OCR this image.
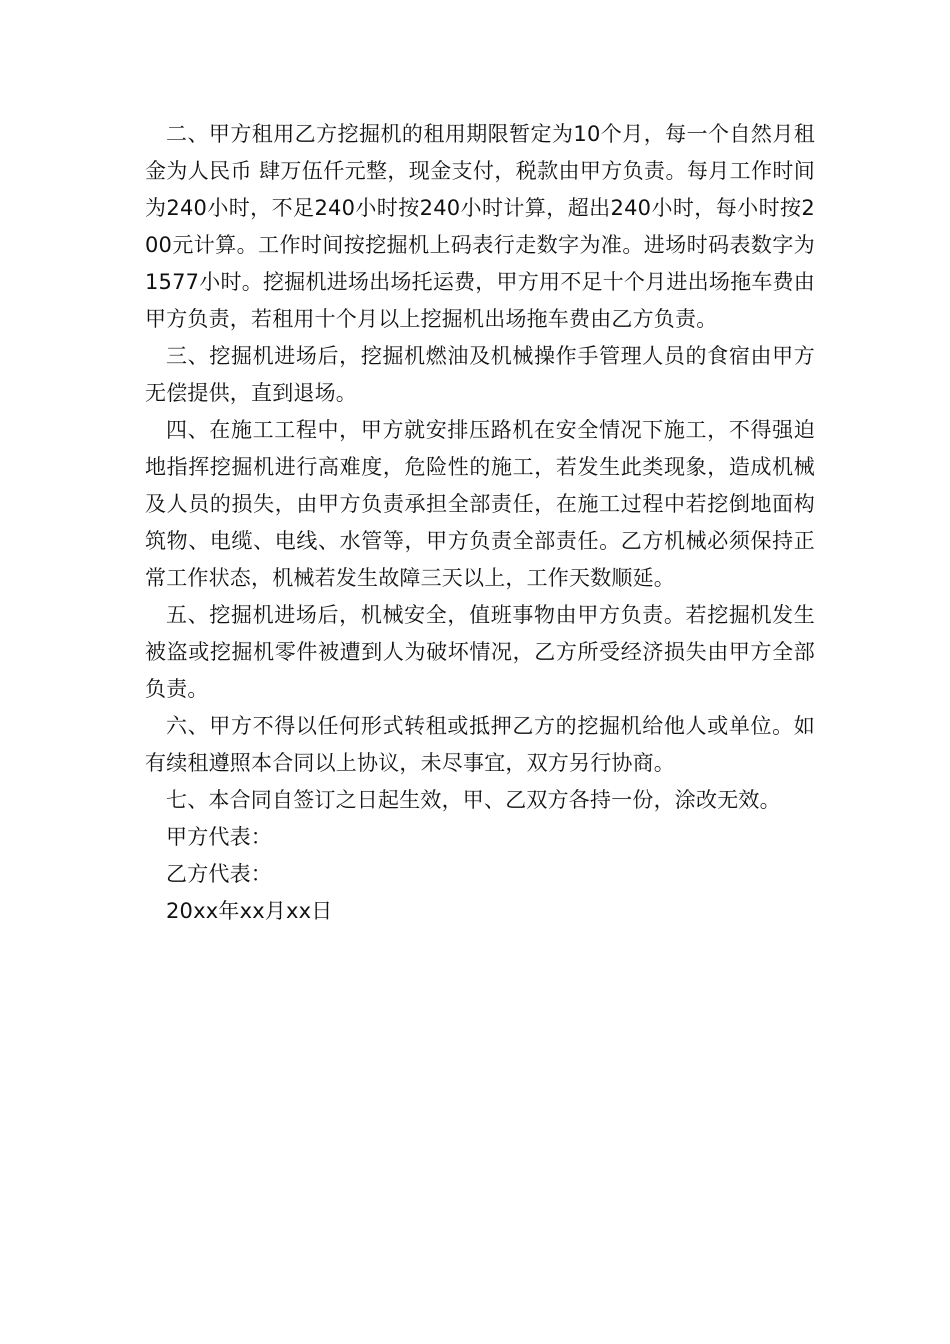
二、甲方租用乙方挖掘机的租用期限暂定为10个月，每一个自然月租金为人民币 肆万伍仟元整，现金支付，税款由甲方负责。每月工作时间为240小时，不足240小时按240小时计算，超出240小时，每小时按200元计算。工作时间按挖掘机上码表行走数字为准。进场时码表数字为1577小时。挖掘机进场出场托运费，甲方用不足十个月进出场拖车费由甲方负责，若租用十个月以上挖掘机出场拖车费由乙方负责。

三、挖掘机进场后，挖掘机燃油及机械操作手管理人员的食宿由甲方无偿提供，直到退场。

四、在施工工程中，甲方就安排压路机在安全情况下施工，不得强迫地指挥挖掘机进行高难度，危险性的施工，若发生此类现象，造成机械及人员的损失，由甲方负责承担全部责任，在施工过程中若挖倒地面构筑物、电缆、电线、水管等，甲方负责全部责任。乙方机械必须保持正常工作状态，机械若发生故障三天以上，工作天数顺延。

五、挖掘机进场后，机械安全，值班事物由甲方负责。若挖掘机发生被盗或挖掘机零件被遭到人为破坏情况，乙方所受经济损失由甲方全部负责。

六、甲方不得以任何形式转租或抵押乙方的挖掘机给他人或单位。如有续租遵照本合同以上协议，未尽事宜，双方另行协商。

七、本合同自签订之日起生效，甲、乙双方各持一份，涂改无效。

甲方代表：

乙方代表：

20xx年xx月xx日
